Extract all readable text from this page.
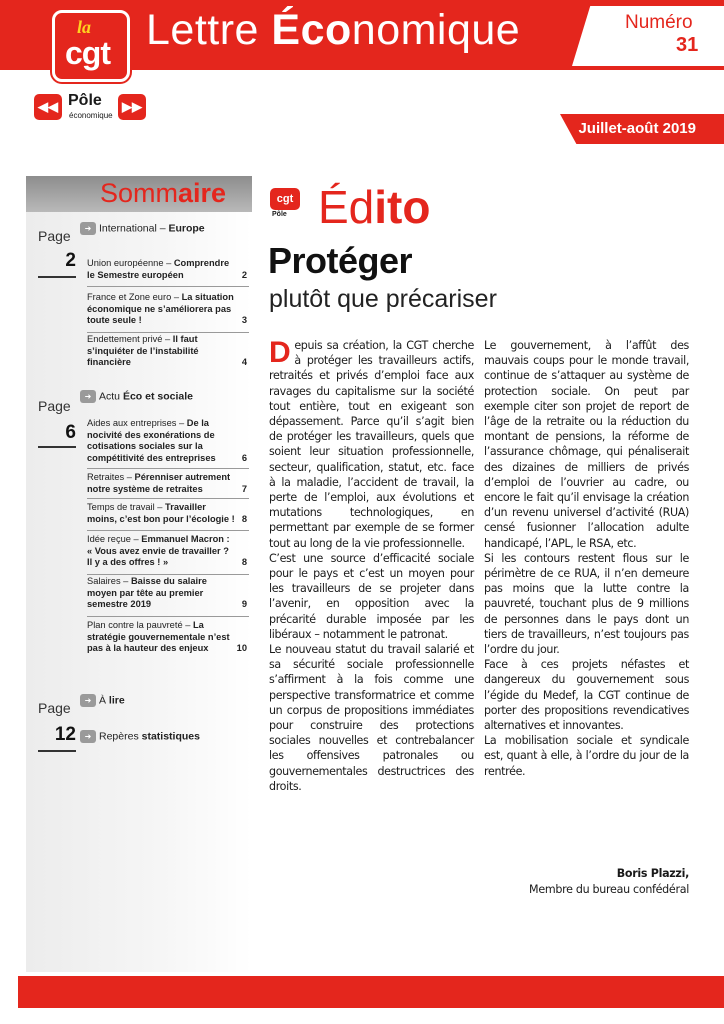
Lettre Économique	Numéro
31
la
cgt
◀◀ Pôle
économique
▶▶
Juillet-août 2019
Sommaire
Page
2
➜ International – Europe
Union européenne – Comprendre le Semestre européen	2
France et Zone euro – La situation économique ne s’améliorera pas toute seule !	3
Endettement privé – Il faut s’inquiéter de l’instabilité financière	4
Page
6
➜ Actu Éco et sociale
Aides aux entreprises – De la nocivité des exonérations de cotisations sociales sur la compétitivité des entreprises	6
Retraites – Pérenniser autrement notre système de retraites	7
Temps de travail – Travailler moins, c’est bon pour l’écologie ! 8
Idée reçue – Emmanuel Macron : « Vous avez envie de travailler ? Il y a des offres ! »	8
Salaires – Baisse du salaire moyen par tête au premier semestre 2019	9
Plan contre la pauvreté – La stratégie gouvernementale n’est pas à la hauteur des enjeux	10
Page
12
➜ À lire
➜ Repères statistiques
cgt
Pôle Édito
Protéger
plutôt que précariser

Depuis sa création, la CGT cherche à protéger les travailleurs actifs, retraités et privés d’emploi face aux ravages du capitalisme sur la société tout entière, tout en exigeant son dépassement. Parce qu’il s’agit bien de protéger les travailleurs, quels que soient leur situation professionnelle, secteur, qualification, statut, etc. face à la maladie, l’accident de travail, la perte de l’emploi, aux évolutions et mutations technologiques, en permettant par exemple de se former tout au long de la vie professionnelle.

C’est une source d’efficacité sociale pour le pays et c’est un moyen pour les travailleurs de se projeter dans l’avenir, en opposition avec la précarité durable imposée par les libéraux – notamment le patronat.

Le nouveau statut du travail salarié et sa sécurité sociale professionnelle s’affirment à la fois comme une perspective transformatrice et comme un corpus de propositions immédiates pour construire des protections sociales nouvelles et contrebalancer les offensives patronales ou gouvernementales destructrices des droits.

Le gouvernement, à l’affût des mauvais coups pour le monde travail, continue de s’attaquer au système de protection sociale. On peut par exemple citer son projet de report de l’âge de la retraite ou la réduction du montant de pensions, la réforme de l’assurance chômage, qui pénaliserait des dizaines de milliers de privés d’emploi de l’ouvrier au cadre, ou encore le fait qu’il envisage la création d’un revenu universel d’activité (RUA) censé fusionner l’allocation adulte handicapé, l’APL, le RSA, etc.

Si les contours restent flous sur le périmètre de ce RUA, il n’en demeure pas moins que la lutte contre la pauvreté, touchant plus de 9 millions de personnes dans le pays dont un tiers de travailleurs, n’est toujours pas l’ordre du jour.

Face à ces projets néfastes et dangereux du gouvernement sous l’égide du Medef, la CGT continue de porter des propositions revendicatives alternatives et innovantes.

La mobilisation sociale et syndicale est, quant à elle, à l’ordre du jour de la rentrée.

Boris Plazzi,
Membre du bureau confédéral
